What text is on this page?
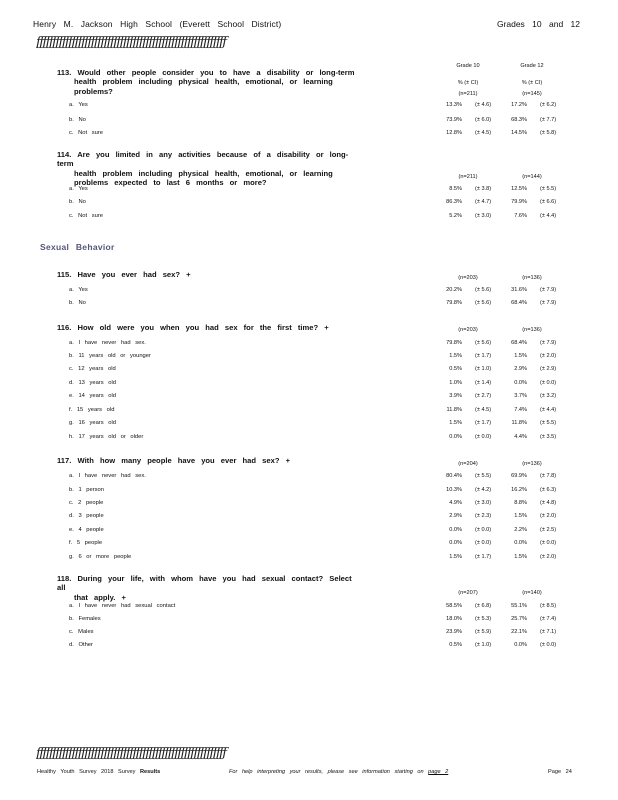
Henry M. Jackson High School (Everett School District)	Grades 10 and 12
ƒƒƒƒƒƒƒƒƒƒƒƒƒƒƒƒƒƒƒƒƒƒƒƒƒƒƒƒƒƒƒƒƒƒƒƒƒƒƒƒƒƒƒƒƒƒƒƒƒƒƒƒƒƒƒƒƒƒƒ
Grade 10	Grade 12
% (± CI)	% (± CI)
113. Would other people consider you to have a disability or long-term
health problem including physical health, emotional, or learning
problems?	(n=211)	(n=145)
a. Yes	13.3% (± 4.6)	17.2% (± 6.2)
b. No	73.9% (± 6.0)	68.3% (± 7.7)
c. Not sure	12.8% (± 4.5)	14.5% (± 5.8)
114. Are you limited in any activities because of a disability or long-term
health problem including physical health, emotional, or learning
problems expected to last 6 months or more?
(n=211)	(n=144)
a. Yes	8.5% (± 3.8)	12.5% (± 5.5)
b. No	86.3% (± 4.7)	79.9% (± 6.6)
c. Not sure	5.2% (± 3.0)	7.6% (± 4.4)
115. Have you ever had sex? +	(n=203)	(n=136)
a. Yes	20.2% (± 5.6)	31.6% (± 7.9)
b. No	79.8% (± 5.6)	68.4% (± 7.9)
116. How old were you when you had sex for the first time? +	(n=203)	(n=136)
a. I have never had sex.	79.8% (± 5.6)	68.4% (± 7.9)
b. 11 years old or younger	1.5% (± 1.7)	1.5% (± 2.0)
c. 12 years old	0.5% (± 1.0)	2.9% (± 2.9)
d. 13 years old	1.0% (± 1.4)	0.0% (± 0.0)
e. 14 years old	3.9% (± 2.7)	3.7% (± 3.2)
f. 15 years old	11.8% (± 4.5)	7.4% (± 4.4)
g. 16 years old	1.5% (± 1.7)	11.8% (± 5.5)
h. 17 years old or older	0.0% (± 0.0)	4.4% (± 3.5)
117. With how many people have you ever had sex? +	(n=204)	(n=136)
a. I have never had sex.	80.4% (± 5.5)	69.9% (± 7.8)
b. 1 person	10.3% (± 4.2)	16.2% (± 6.3)
c. 2 people	4.9% (± 3.0)	8.8% (± 4.8)
d. 3 people	2.9% (± 2.3)	1.5% (± 2.0)
e. 4 people	0.0% (± 0.0)	2.2% (± 2.5)
f. 5 people	0.0% (± 0.0)	0.0% (± 0.0)
g. 6 or more people	1.5% (± 1.7)	1.5% (± 2.0)
118. During your life, with whom have you had sexual contact? Select all
that apply. +	(n=207)	(n=140)
a. I have never had sexual contact	58.5% (± 6.8)	55.1% (± 8.5)
b. Females	18.0% (± 5.3)	25.7% (± 7.4)
c. Males	23.9% (± 5.9)	22.1% (± 7.1)
d. Other	0.5% (± 1.0)	0.0% (± 0.0)
Sexual Behavior
ƒƒƒƒƒƒƒƒƒƒƒƒƒƒƒƒƒƒƒƒƒƒƒƒƒƒƒƒƒƒƒƒƒƒƒƒƒƒƒƒƒƒƒƒƒƒƒƒƒƒƒƒƒƒƒƒƒƒƒ
Healthy Youth Survey 2018 Survey Results	For help interpreting your results, please see information starting on page 2	Page 24
